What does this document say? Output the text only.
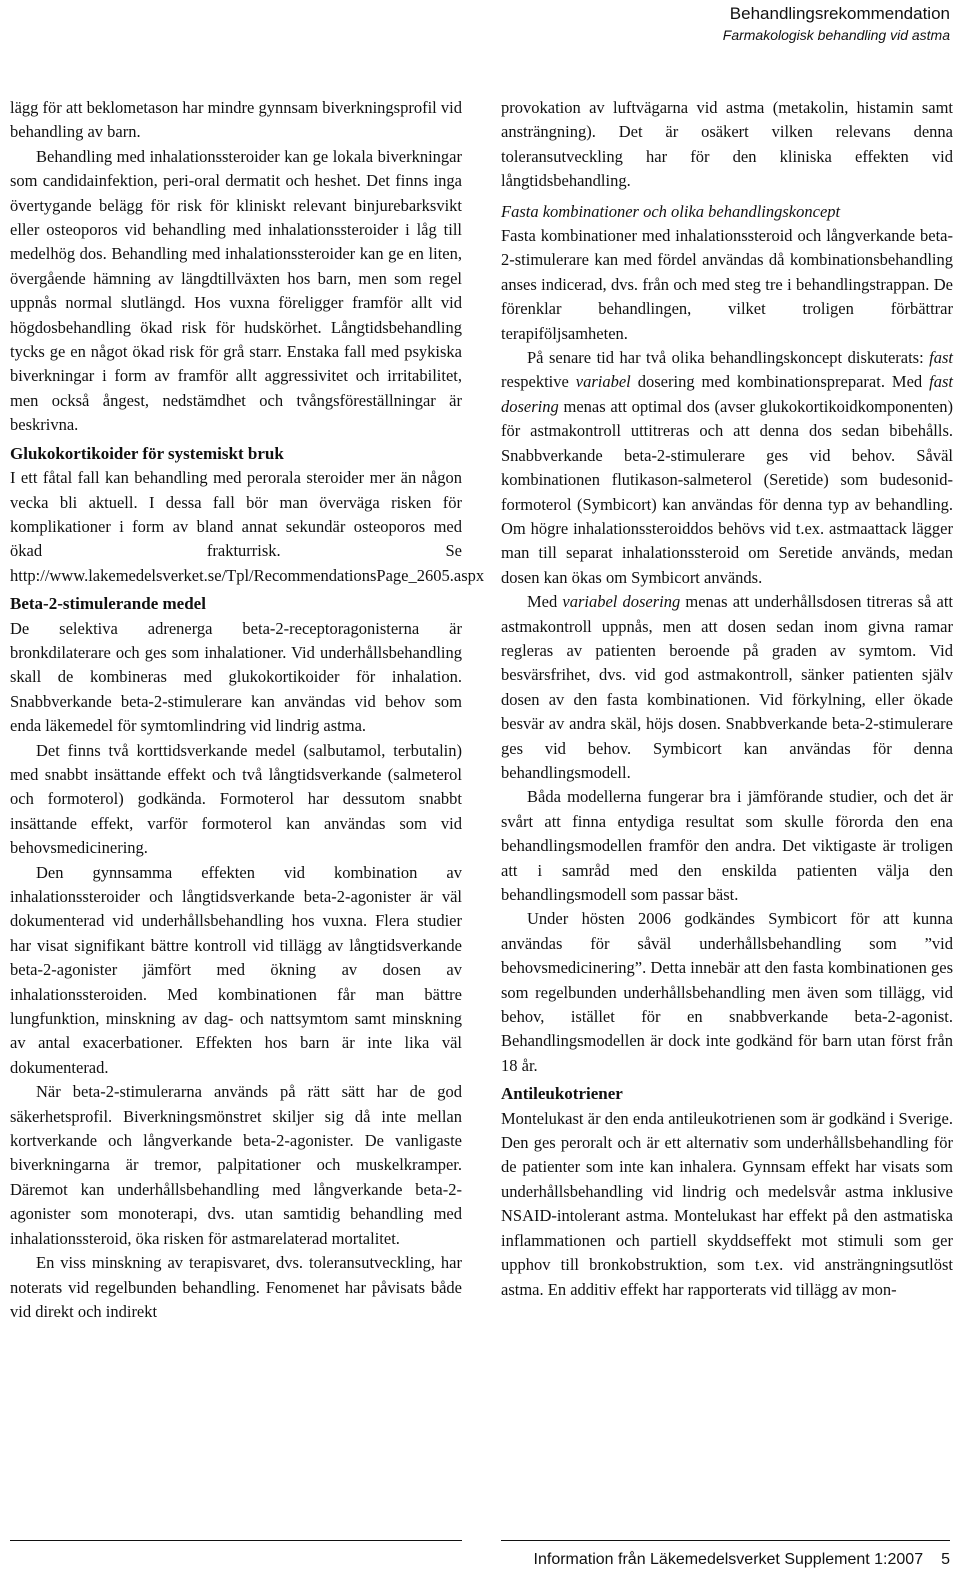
Behandlingsrekommendation
Farmakologisk behandling vid astma

lägg för att beklometason har mindre gynnsam biverkningsprofil vid behandling av barn.

Behandling med inhalationssteroider kan ge lokala biverkningar som candidainfektion, peri-oral dermatit och heshet. Det finns inga övertygande belägg för risk för kliniskt relevant binjurebarksvikt eller osteoporos vid behandling med inhalationssteroider i låg till medelhög dos. Behandling med inhalationssteroider kan ge en liten, övergående hämning av längdtillväxten hos barn, men som regel uppnås normal slutlängd. Hos vuxna föreligger framför allt vid högdosbehandling ökad risk för hudskörhet. Långtidsbehandling tycks ge en något ökad risk för grå starr. Enstaka fall med psykiska biverkningar i form av framför allt aggressivitet och irritabilitet, men också ångest, nedstämdhet och tvångsföreställningar är beskrivna.

Glukokortikoider för systemiskt bruk

I ett fåtal fall kan behandling med perorala steroider mer än någon vecka bli aktuell. I dessa fall bör man överväga risken för komplikationer i form av bland annat sekundär osteoporos med ökad frakturrisk. Se http://www.lakemedelsverket.se/Tpl/RecommendationsPage_2605.aspx

Beta-2-stimulerande medel

De selektiva adrenerga beta-2-receptoragonisterna är bronkdilaterare och ges som inhalationer. Vid underhållsbehandling skall de kombineras med glukokortikoider för inhalation. Snabbverkande beta-2-stimulerare kan användas vid behov som enda läkemedel för symtomlindring vid lindrig astma.

Det finns två korttidsverkande medel (salbutamol, terbutalin) med snabbt insättande effekt och två långtidsverkande (salmeterol och formoterol) godkända. Formoterol har dessutom snabbt insättande effekt, varför formoterol kan användas som vid behovsmedicinering.

Den gynnsamma effekten vid kombination av inhalationssteroider och långtidsverkande beta-2-agonister är väl dokumenterad vid underhållsbehandling hos vuxna. Flera studier har visat signifikant bättre kontroll vid tillägg av långtidsverkande beta-2-agonister jämfört med ökning av dosen av inhalationssteroiden. Med kombinationen får man bättre lungfunktion, minskning av dag- och nattsymtom samt minskning av antal exacerbationer. Effekten hos barn är inte lika väl dokumenterad.

När beta-2-stimulerarna används på rätt sätt har de god säkerhetsprofil. Biverkningsmönstret skiljer sig då inte mellan kortverkande och långverkande beta-2-agonister. De vanligaste biverkningarna är tremor, palpitationer och muskelkramper. Däremot kan underhållsbehandling med långverkande beta-2-agonister som monoterapi, dvs. utan samtidig behandling med inhalationssteroid, öka risken för astmarelaterad mortalitet.

En viss minskning av terapisvaret, dvs. toleransutveckling, har noterats vid regelbunden behandling. Fenomenet har påvisats både vid direkt och indirekt

provokation av luftvägarna vid astma (metakolin, histamin samt ansträngning). Det är osäkert vilken relevans denna toleransutveckling har för den kliniska effekten vid långtidsbehandling.

Fasta kombinationer och olika behandlingskoncept

Fasta kombinationer med inhalationssteroid och långverkande beta-2-stimulerare kan med fördel användas då kombinationsbehandling anses indicerad, dvs. från och med steg tre i behandlingstrappan. De förenklar behandlingen, vilket troligen förbättrar terapiföljsamheten.

På senare tid har två olika behandlingskoncept diskuterats: fast respektive variabel dosering med kombinationspreparat. Med fast dosering menas att optimal dos (avser glukokortikoidkomponenten) för astmakontroll uttitreras och att denna dos sedan bibehålls. Snabbverkande beta-2-stimulerare ges vid behov. Såväl kombinationen flutikason-salmeterol (Seretide) som budesonid-formoterol (Symbicort) kan användas för denna typ av behandling. Om högre inhalationssteroiddos behövs vid t.ex. astmaattack lägger man till separat inhalationssteroid om Seretide används, medan dosen kan ökas om Symbicort används.

Med variabel dosering menas att underhållsdosen titreras så att astmakontroll uppnås, men att dosen sedan inom givna ramar regleras av patienten beroende på graden av symtom. Vid besvärsfrihet, dvs. vid god astmakontroll, sänker patienten själv dosen av den fasta kombinationen. Vid förkylning, eller ökade besvär av andra skäl, höjs dosen. Snabbverkande beta-2-stimulerare ges vid behov. Symbicort kan användas för denna behandlingsmodell.

Båda modellerna fungerar bra i jämförande studier, och det är svårt att finna entydiga resultat som skulle förorda den ena behandlingsmodellen framför den andra. Det viktigaste är troligen att i samråd med den enskilda patienten välja den behandlingsmodell som passar bäst.

Under hösten 2006 godkändes Symbicort för att kunna användas för såväl underhållsbehandling som ”vid behovsmedicinering”. Detta innebär att den fasta kombinationen ges som regelbunden underhållsbehandling men även som tillägg, vid behov, istället för en snabbverkande beta-2-agonist. Behandlingsmodellen är dock inte godkänd för barn utan först från 18 år.

Antileukotriener

Montelukast är den enda antileukotrienen som är godkänd i Sverige. Den ges peroralt och är ett alternativ som underhållsbehandling för de patienter som inte kan inhalera. Gynnsam effekt har visats som underhållsbehandling vid lindrig och medelsvår astma inklusive NSAID-intolerant astma. Montelukast har effekt på den astmatiska inflammationen och partiell skyddseffekt mot stimuli som ger upphov till bronkobstruktion, som t.ex. vid ansträngningsutlöst astma. En additiv effekt har rapporterats vid tillägg av mon-

Information från Läkemedelsverket Supplement 1:2007 5
